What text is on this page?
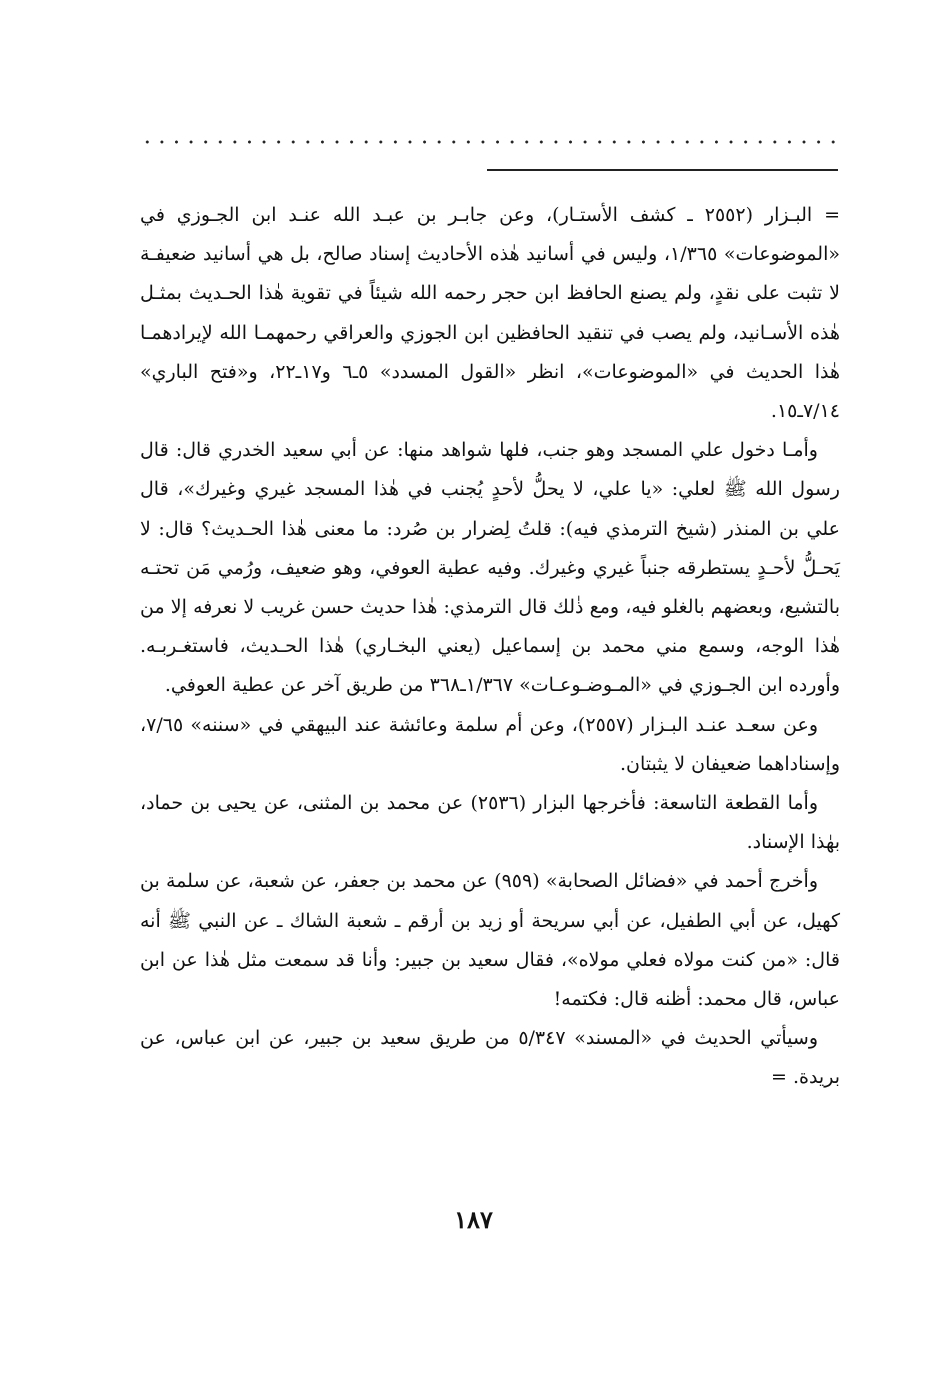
= البـزار (٢٥٥٢ ـ كشف الأستـار)، وعن جابـر بن عبـد الله عنـد ابن الجـوزي في «الموضوعات» ١/٣٦٥، وليس في أسانيد هٰذه الأحاديث إسناد صالح، بل هي أسانيد ضعيفـة لا تثبت على نقدٍ، ولم يصنع الحافظ ابن حجر رحمه الله شيئاً في تقوية هٰذا الحـديث بمثـل هٰذه الأسـانيد، ولم يصب في تنقيد الحافظين ابن الجوزي والعراقي رحمهمـا الله لإيرادهمـا هٰذا الحديث في «الموضوعات»، انظر «القول المسدد» ٥ـ٦ و١٧ـ٢٢، و«فتح الباري» ٧/١٤ـ١٥.

وأمـا دخول علي المسجد وهو جنب، فلها شواهد منها: عن أبي سعيد الخدري قال: قال رسول الله ﷺ لعلي: «يا علي، لا يحلُّ لأحدٍ يُجنب في هٰذا المسجد غيري وغيرك»، قال علي بن المنذر (شيخ الترمذي فيه): قلتُ لِضرار بن صُرد: ما معنى هٰذا الحـديث؟ قال: لا يَحـلُّ لأحـدٍ يستطرقه جنباً غيري وغيرك. وفيه عطية العوفي، وهو ضعيف، ورُمي مَن تحتـه بالتشيع، وبعضهم بالغلو فيه، ومع ذٰلك قال الترمذي: هٰذا حديث حسن غريب لا نعرفه إلا من هٰذا الوجه، وسمع مني محمد بن إسماعيل (يعني البخـاري) هٰذا الحـديث، فاستغـربـه. وأورده ابن الجـوزي في «المـوضـوعـات» ١/٣٦٧ـ٣٦٨ من طريق آخر عن عطية العوفي.

وعن سعـد عنـد البـزار (٢٥٥٧)، وعن أم سلمة وعائشة عند البيهقي في «سننه» ٧/٦٥، وإسناداهما ضعيفان لا يثبتان.

وأما القطعة التاسعة: فأخرجها البزار (٢٥٣٦) عن محمد بن المثنى، عن يحيى بن حماد، بهٰذا الإسناد.

وأخرج أحمد في «فضائل الصحابة» (٩٥٩) عن محمد بن جعفر، عن شعبة، عن سلمة بن كهيل، عن أبي الطفيل، عن أبي سريحة أو زيد بن أرقم ـ شعبة الشاك ـ عن النبي ﷺ أنه قال: «من كنت مولاه فعلي مولاه»، فقال سعيد بن جبير: وأنا قد سمعت مثل هٰذا عن ابن عباس، قال محمد: أظنه قال: فكتمه!

وسيأتي الحديث في «المسند» ٥/٣٤٧ من طريق سعيد بن جبير، عن ابن عباس، عن بريدة. =

١٨٧
